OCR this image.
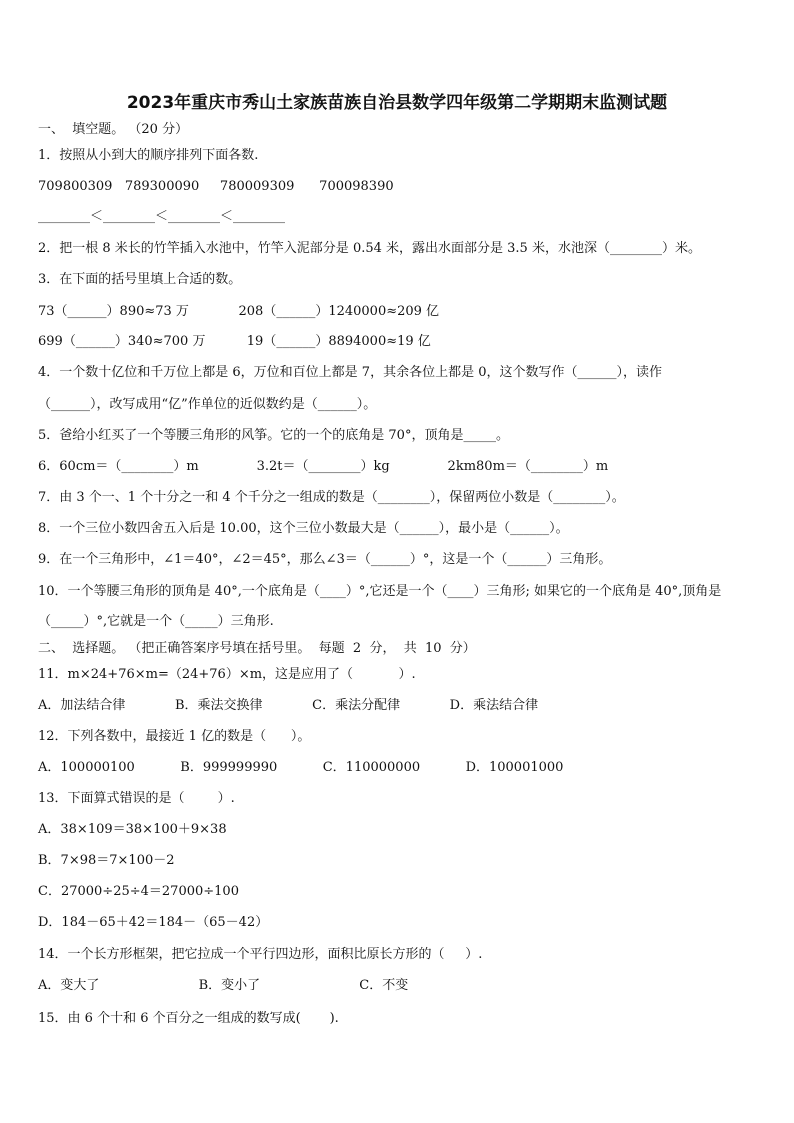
2023年重庆市秀山土家族苗族自治县数学四年级第二学期期末监测试题
一、  填空题。 （20 分）
1．按照从小到大的顺序排列下面各数.
709800309   789300090     780009309      700098390
________＜________＜________＜________
2．把一根 8 米长的竹竿插入水池中，竹竿入泥部分是 0.54 米，露出水面部分是 3.5 米，水池深（________）米。
3．在下面的括号里填上合适的数。
73（______）890≈73 万            208（______）1240000≈209 亿
699（______）340≈700 万          19（______）8894000≈19 亿
4．一个数十亿位和千万位上都是 6，万位和百位上都是 7，其余各位上都是 0，这个数写作（______），读作
（______），改写成用“亿”作单位的近似数约是（______）。
5．爸给小红买了一个等腰三角形的风筝。它的一个的底角是 70°，顶角是_____。
6．60cm＝（________）m              3.2t＝（________）kg              2km80m＝（________）m
7．由 3 个一、1 个十分之一和 4 个千分之一组成的数是（________），保留两位小数是（________）。
8．一个三位小数四舍五入后是 10.00，这个三位小数最大是（______），最小是（______）。
9．在一个三角形中，∠1＝40°，∠2＝45°，那么∠3＝（______）°，这是一个（______）三角形。
10．一个等腰三角形的顶角是 40°,一个底角是（____）°,它还是一个（____）三角形; 如果它的一个底角是 40°,顶角是
（_____）°,它就是一个（_____）三角形.
二、  选择题。 （把正确答案序号填在括号里。  每题  2  分，  共  10  分）
11．m×24+76×m=（24+76）×m，这是应用了（           ）.
A．加法结合律            B．乘法交换律            C．乘法分配律            D．乘法结合律
12．下列各数中，最接近 1 亿的数是（      ）。
A．100000100           B．999999990           C．110000000           D．100001000
13．下面算式错误的是（        ）.
A．38×109＝38×100＋9×38
B．7×98＝7×100－2
C．27000÷25÷4＝27000÷100
D．184－65＋42＝184－（65－42）
14．一个长方形框架，把它拉成一个平行四边形，面积比原长方形的（     ）.
A．变大了                        B．变小了                        C．不变
15．由 6 个十和 6 个百分之一组成的数写成(       ).
